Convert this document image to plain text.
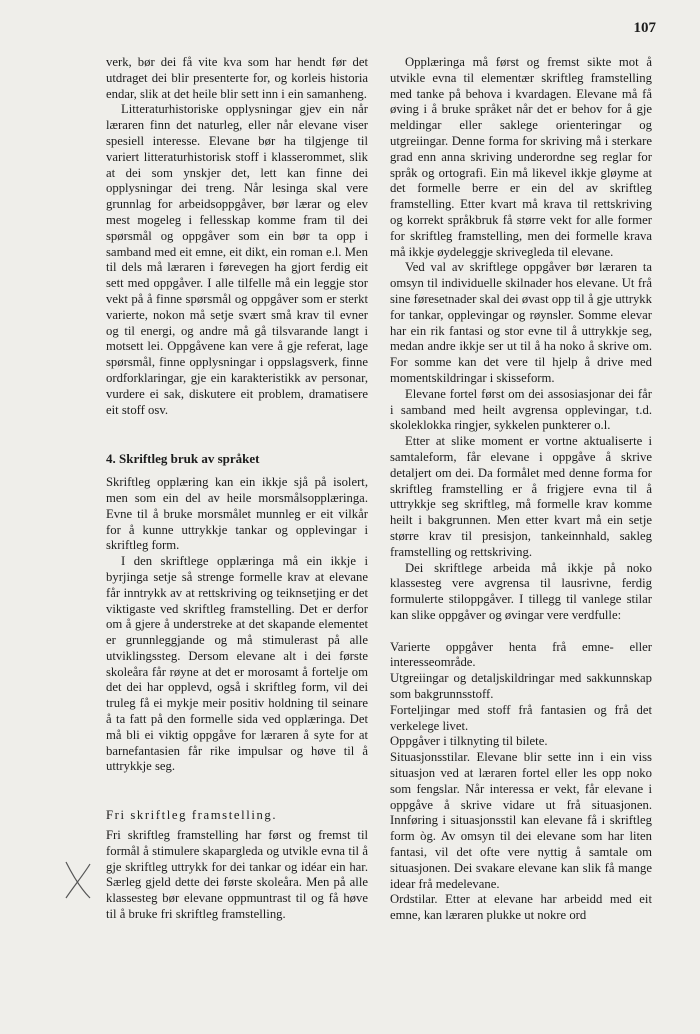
107

verk, bør dei få vite kva som har hendt før det utdraget dei blir presenterte for, og korleis historia endar, slik at det heile blir sett inn i ein samanheng.

Litteraturhistoriske opplysningar gjev ein når læraren finn det naturleg, eller når elevane viser spesiell interesse. Elevane bør ha tilgjenge til variert litteraturhistorisk stoff i klasserommet, slik at dei som ynskjer det, lett kan finne dei opplysningar dei treng. Når lesinga skal vere grunnlag for arbeidsoppgåver, bør lærar og elev mest mogeleg i fellesskap komme fram til dei spørsmål og oppgåver som ein bør ta opp i samband med eit emne, eit dikt, ein roman e.l. Men til dels må læraren i førevegen ha gjort ferdig eit sett med oppgåver. I alle tilfelle må ein leggje stor vekt på å finne spørsmål og oppgåver som er sterkt varierte, nokon må setje svært små krav til evner og til energi, og andre må gå tilsvarande langt i motsett lei. Oppgåvene kan vere å gje referat, lage spørsmål, finne opplysningar i oppslagsverk, finne ordforklaringar, gje ein karakteristikk av personar, vurdere ei sak, diskutere eit problem, dramatisere eit stoff osv.

4. Skriftleg bruk av språket

Skriftleg opplæring kan ein ikkje sjå på isolert, men som ein del av heile morsmålsopplæringa. Evne til å bruke morsmålet munnleg er eit vilkår for å kunne uttrykkje tankar og opplevingar i skriftleg form.

I den skriftlege opplæringa må ein ikkje i byrjinga setje så strenge formelle krav at elevane får inntrykk av at rettskriving og teiknsetjing er det viktigaste ved skriftleg framstelling. Det er derfor om å gjere å understreke at det skapande elementet er grunnleggjande og må stimulerast på alle utviklingssteg. Dersom elevane alt i dei første skoleåra får røyne at det er morosamt å fortelje om det dei har opplevd, også i skriftleg form, vil dei truleg få ei mykje meir positiv holdning til seinare å ta fatt på den formelle sida ved opplæringa. Det må bli ei viktig oppgåve for læraren å syte for at barnefantasien får rike impulsar og høve til å uttrykkje seg.

Fri skriftleg framstelling.

Fri skriftleg framstelling har først og fremst til formål å stimulere skapargleda og utvikle evna til å gje skriftleg uttrykk for dei tankar og idéar ein har. Særleg gjeld dette dei første skoleåra. Men på alle klassesteg bør elevane oppmuntrast til og få høve til å bruke fri skriftleg framstelling.

Opplæringa må først og fremst sikte mot å utvikle evna til elementær skriftleg framstelling med tanke på behova i kvardagen. Elevane må få øving i å bruke språket når det er behov for å gje meldingar eller saklege orienteringar og utgreiingar. Denne forma for skriving må i sterkare grad enn anna skriving underordne seg reglar for språk og ortografi. Ein må likevel ikkje gløyme at det formelle berre er ein del av skriftleg framstelling. Etter kvart må krava til rettskriving og korrekt språkbruk få større vekt for alle former for skriftleg framstelling, men dei formelle krava må ikkje øydeleggje skrivegleda til elevane.

Ved val av skriftlege oppgåver bør læraren ta omsyn til individuelle skilnader hos elevane. Ut frå sine føresetnader skal dei øvast opp til å gje uttrykk for tankar, opplevingar og røynsler. Somme elevar har ein rik fantasi og stor evne til å uttrykkje seg, medan andre ikkje ser ut til å ha noko å skrive om. For somme kan det vere til hjelp å drive med momentskildringar i skisseform.

Elevane fortel først om dei assosiasjonar dei får i samband med heilt avgrensa opplevingar, t.d. skoleklokka ringjer, sykkelen punkterer o.l.

Etter at slike moment er vortne aktualiserte i samtaleform, får elevane i oppgåve å skrive detaljert om dei. Da formålet med denne forma for skriftleg framstelling er å frigjere evna til å uttrykkje seg skriftleg, må formelle krav komme heilt i bakgrunnen. Men etter kvart må ein setje større krav til presisjon, tankeinnhald, sakleg framstelling og rettskriving.

Dei skriftlege arbeida må ikkje på noko klassesteg vere avgrensa til lausrivne, ferdig formulerte stiloppgåver. I tillegg til vanlege stilar kan slike oppgåver og øvingar vere verdfulle:

Varierte oppgåver henta frå emne- eller interesseområde.

Utgreiingar og detaljskildringar med sakkunnskap som bakgrunnsstoff.

Forteljingar med stoff frå fantasien og frå det verkelege livet.

Oppgåver i tilknyting til bilete.

Situasjonsstilar. Elevane blir sette inn i ein viss situasjon ved at læraren fortel eller les opp noko som fengslar. Når interessa er vekt, får elevane i oppgåve å skrive vidare ut frå situasjonen. Innføring i situasjonsstil kan elevane få i skriftleg form òg. Av omsyn til dei elevane som har liten fantasi, vil det ofte vere nyttig å samtale om situasjonen. Dei svakare elevane kan slik få mange idear frå medelevane.

Ordstilar. Etter at elevane har arbeidd med eit emne, kan læraren plukke ut nokre ord
